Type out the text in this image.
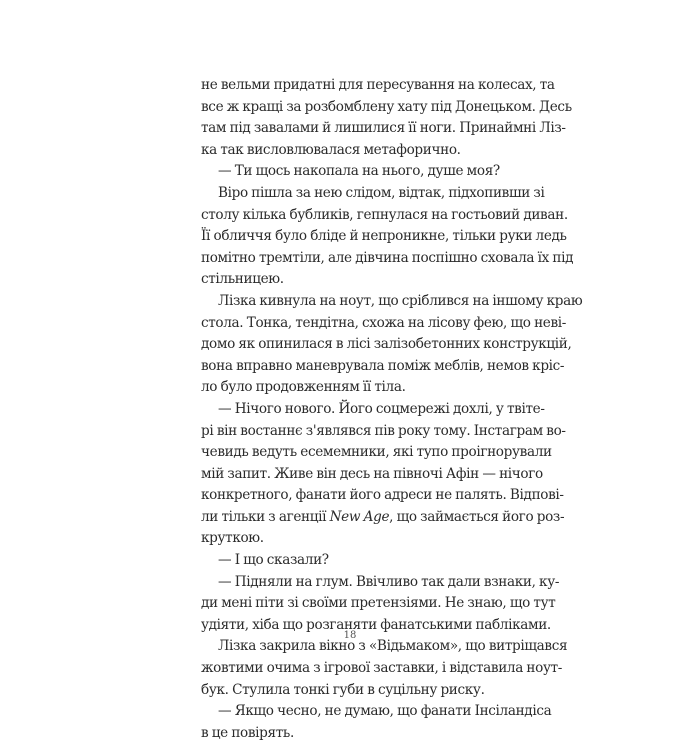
не вельми придатні для пересування на колесах, та
все ж кращі за розбомблену хату під Донецьком. Десь
там під завалами й лишилися її ноги. Принаймні Ліз-
ка так висловлювалася метафорично.
— Ти щось накопала на нього, душе моя?
Віро пішла за нею слідом, відтак, підхопивши зі
столу кілька бубликів, гепнулася на гостьовий диван.
Її обличчя було бліде й непроникне, тільки руки ледь
помітно тремтіли, але дівчина поспішно сховала їх під
стільницею.
Лізка кивнула на ноут, що сріблився на іншому краю
стола. Тонка, тендітна, схожа на лісову фею, що неві-
домо як опинилася в лісі залізобетонних конструкцій,
вона вправно маневрувала поміж меблів, немов кріс-
ло було продовженням її тіла.
— Нічого нового. Його соцмережі дохлі, у твіте-
рі він востаннє з'являвся пів року тому. Інстаграм во-
чевидь ведуть есемемники, які тупо проігнорували
мій запит. Живе він десь на півночі Афін — нічого
конкретного, фанати його адреси не палять. Відпові-
ли тільки з агенції New Age, що займається його роз-
круткою.
— І що сказали?
— Підняли на глум. Ввічливо так дали взнаки, ку-
ди мені піти зі своїми претензіями. Не знаю, що тут
удіяти, хіба що розганяти фанатськими пабліками.
Лізка закрила вікно з «Відьмаком», що витріщався
жовтими очима з ігрової заставки, і відставила ноут-
бук. Стулила тонкі губи в суцільну риску.
— Якщо чесно, не думаю, що фанати Інсіландіса
в це повірять.
18
